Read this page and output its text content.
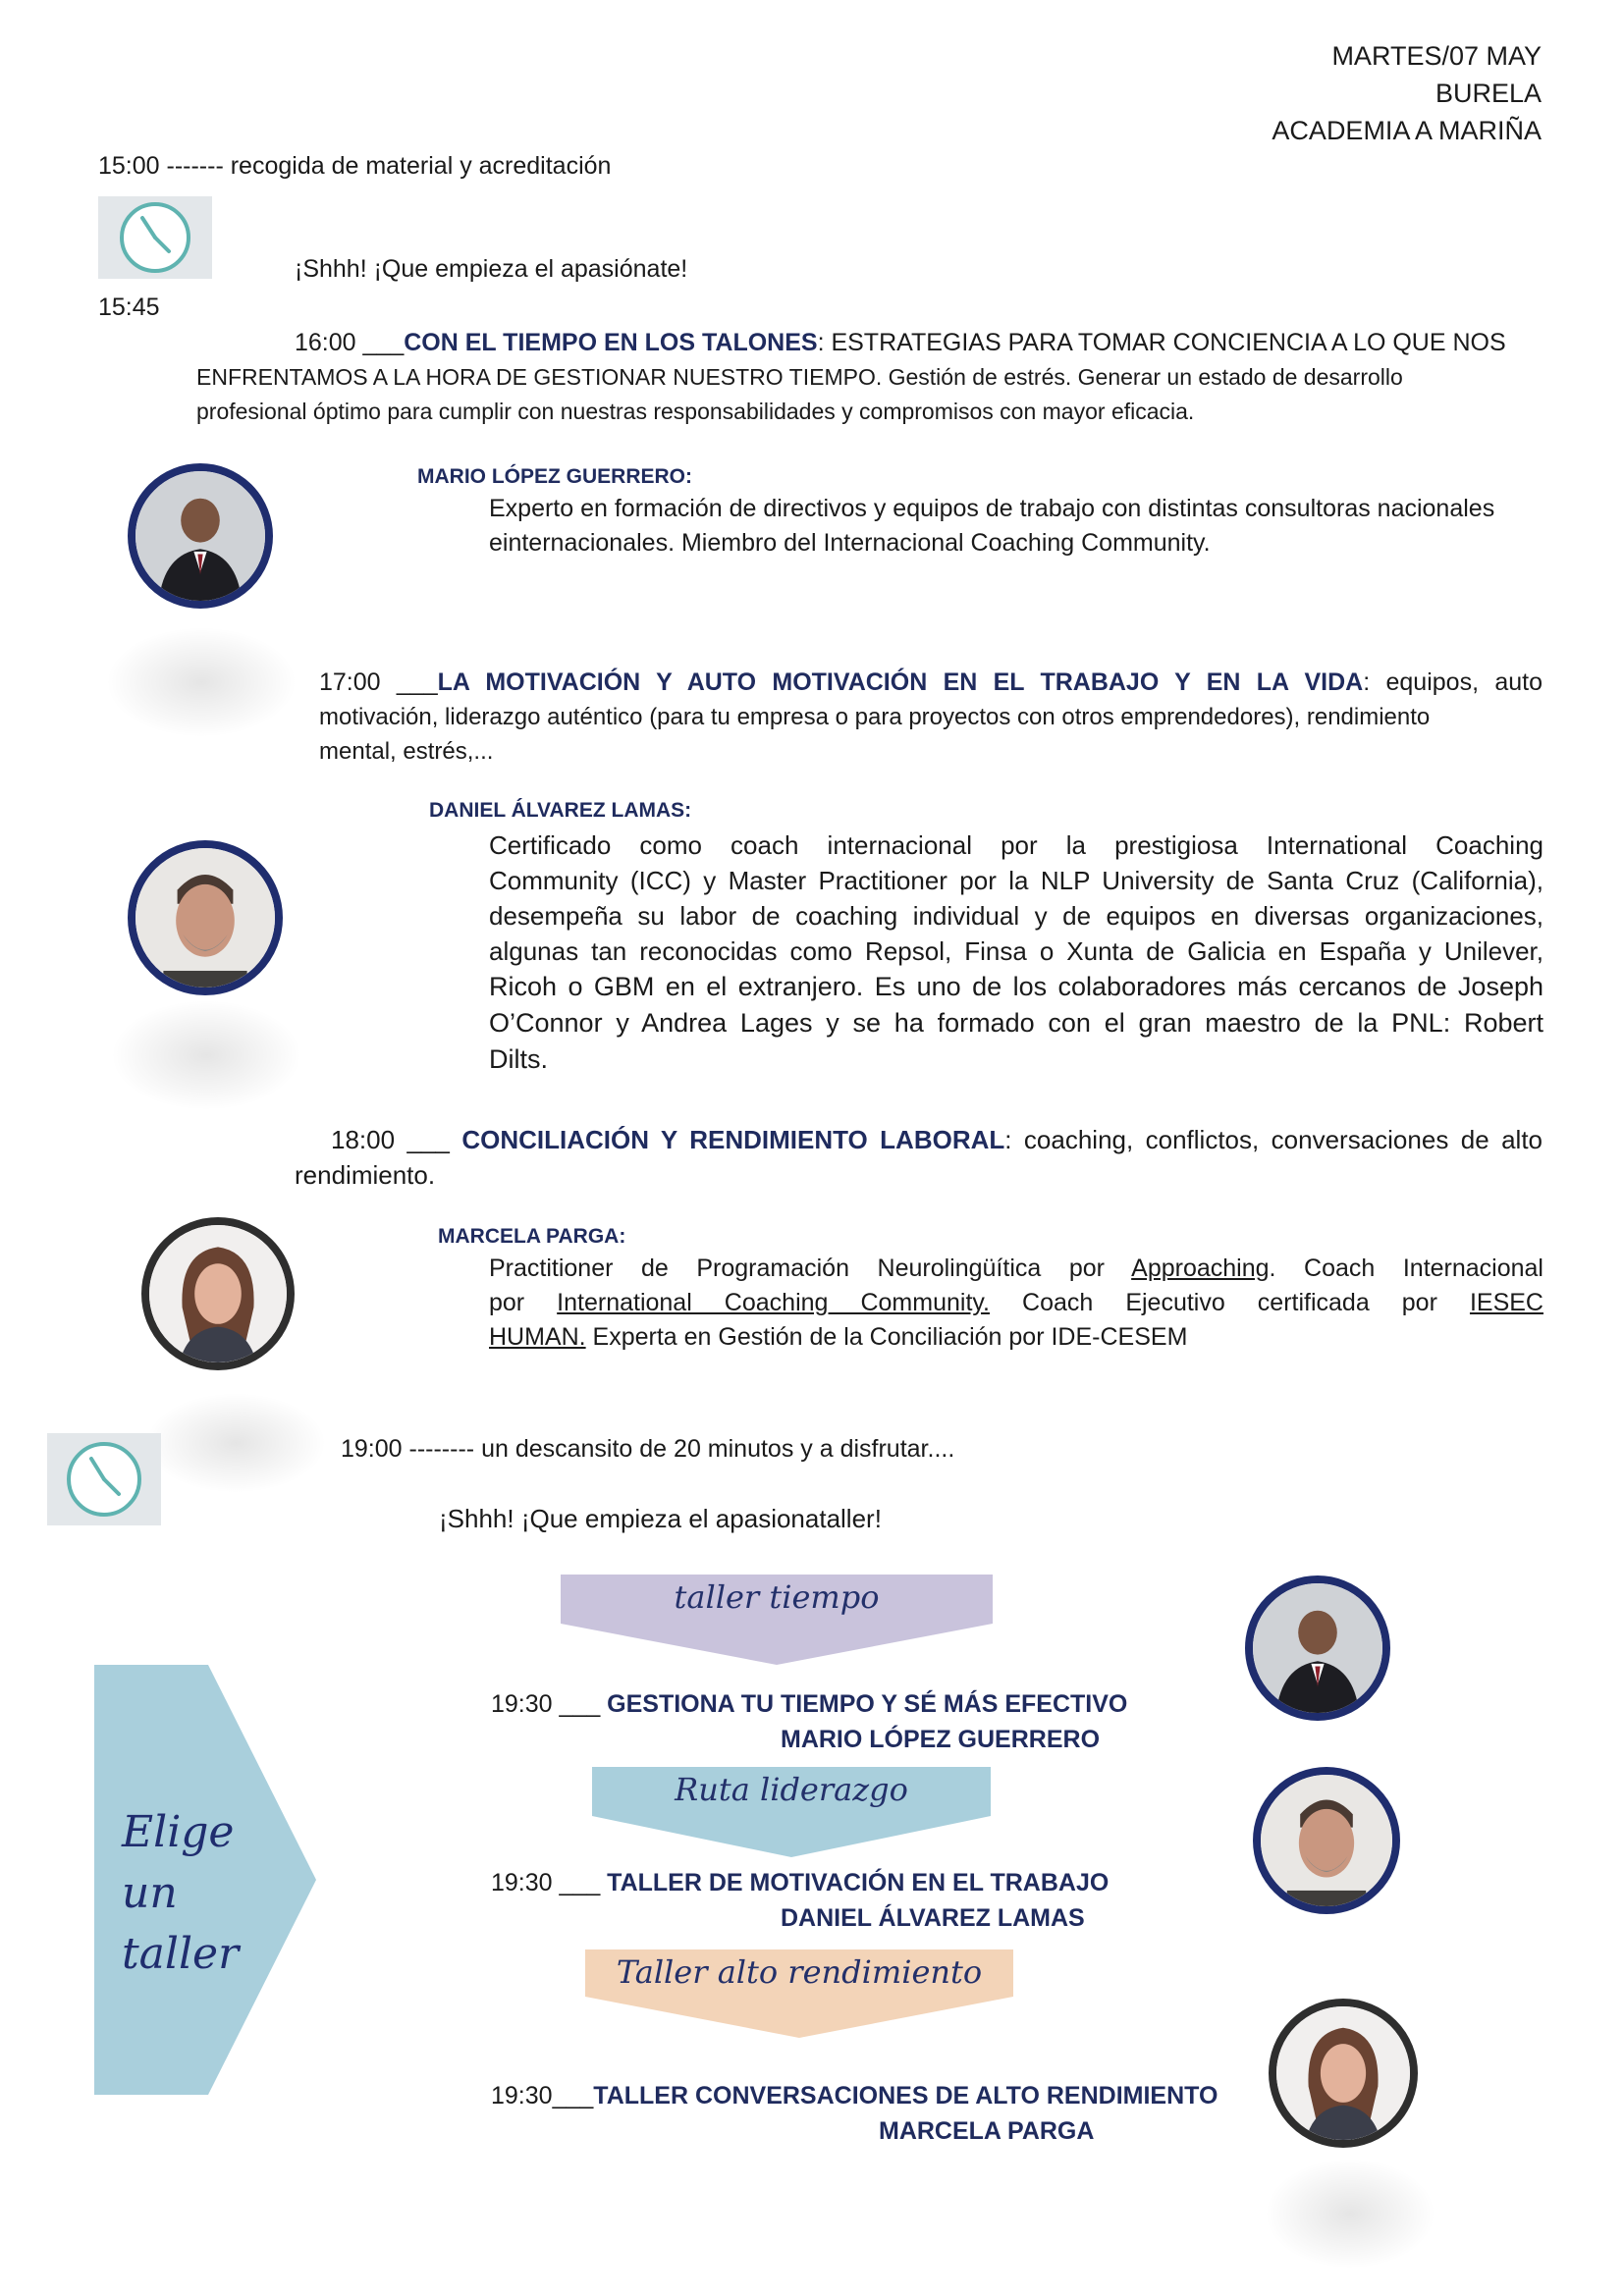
MARTES/07 MAY
BURELA
ACADEMIA A MARIÑA
15:00 ------- recogida de material y acreditación
¡Shhh! ¡Que empieza el apasiónate!
15:45
16:00 ___CON EL TIEMPO EN LOS TALONES: ESTRATEGIAS PARA TOMAR CONCIENCIA A LO QUE NOS
ENFRENTAMOS A LA HORA DE GESTIONAR NUESTRO TIEMPO. Gestión de estrés. Generar un estado de desarrollo
profesional óptimo para cumplir con nuestras responsabilidades y compromisos con mayor eficacia.
MARIO LÓPEZ GUERRERO:
Experto en formación de directivos y equipos de trabajo con distintas consultoras nacionales
einternacionales. Miembro del Internacional Coaching Community.
17:00 ___LA MOTIVACIÓN Y AUTO MOTIVACIÓN EN EL TRABAJO Y EN LA VIDA: equipos, auto
motivación, liderazgo auténtico (para tu empresa o para proyectos con otros emprendedores), rendimiento
mental, estrés,...
DANIEL ÁLVAREZ LAMAS:
Certificado como coach internacional por la prestigiosa International Coaching
Community (ICC) y Master Practitioner por la NLP University de Santa Cruz (California),
desempeña su labor de coaching individual y de equipos en diversas organizaciones,
algunas tan reconocidas como Repsol, Finsa o Xunta de Galicia en España y Unilever,
Ricoh o GBM en el extranjero. Es uno de los colaboradores más cercanos de Joseph
O’Connor y Andrea Lages y se ha formado con el gran maestro de la PNL: Robert
Dilts.
18:00 ___ CONCILIACIÓN Y RENDIMIENTO LABORAL: coaching, conflictos, conversaciones de alto
rendimiento.
MARCELA PARGA:
Practitioner de Programación Neurolingüítica por Approaching. Coach Internacional
por International Coaching Community. Coach Ejecutivo certificada por IESEC
HUMAN. Experta en Gestión de la Conciliación por IDE-CESEM
19:00 -------- un descansito de 20 minutos y a disfrutar....
¡Shhh! ¡Que empieza el apasionataller!
Elige
un
taller
taller tiempo
19:30 ___ GESTIONA TU TIEMPO Y SÉ MÁS EFECTIVO
MARIO LÓPEZ GUERRERO
Ruta liderazgo
19:30 ___ TALLER DE MOTIVACIÓN EN EL TRABAJO
DANIEL ÁLVAREZ LAMAS
Taller alto rendimiento
19:30___TALLER CONVERSACIONES DE ALTO RENDIMIENTO
MARCELA PARGA
